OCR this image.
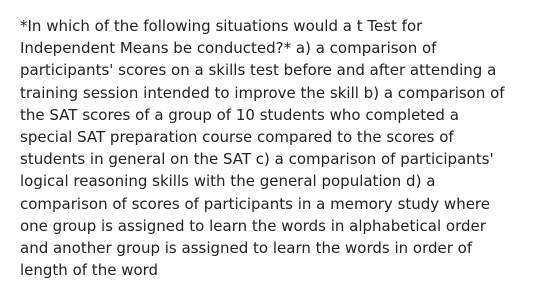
*In which of the following situations would a t Test for
Independent Means be conducted?* a) a comparison of
participants' scores on a skills test before and after attending a
training session intended to improve the skill b) a comparison of
the SAT scores of a group of 10 students who completed a
special SAT preparation course compared to the scores of
students in general on the SAT c) a comparison of participants'
logical reasoning skills with the general population d) a
comparison of scores of participants in a memory study where
one group is assigned to learn the words in alphabetical order
and another group is assigned to learn the words in order of
length of the word
